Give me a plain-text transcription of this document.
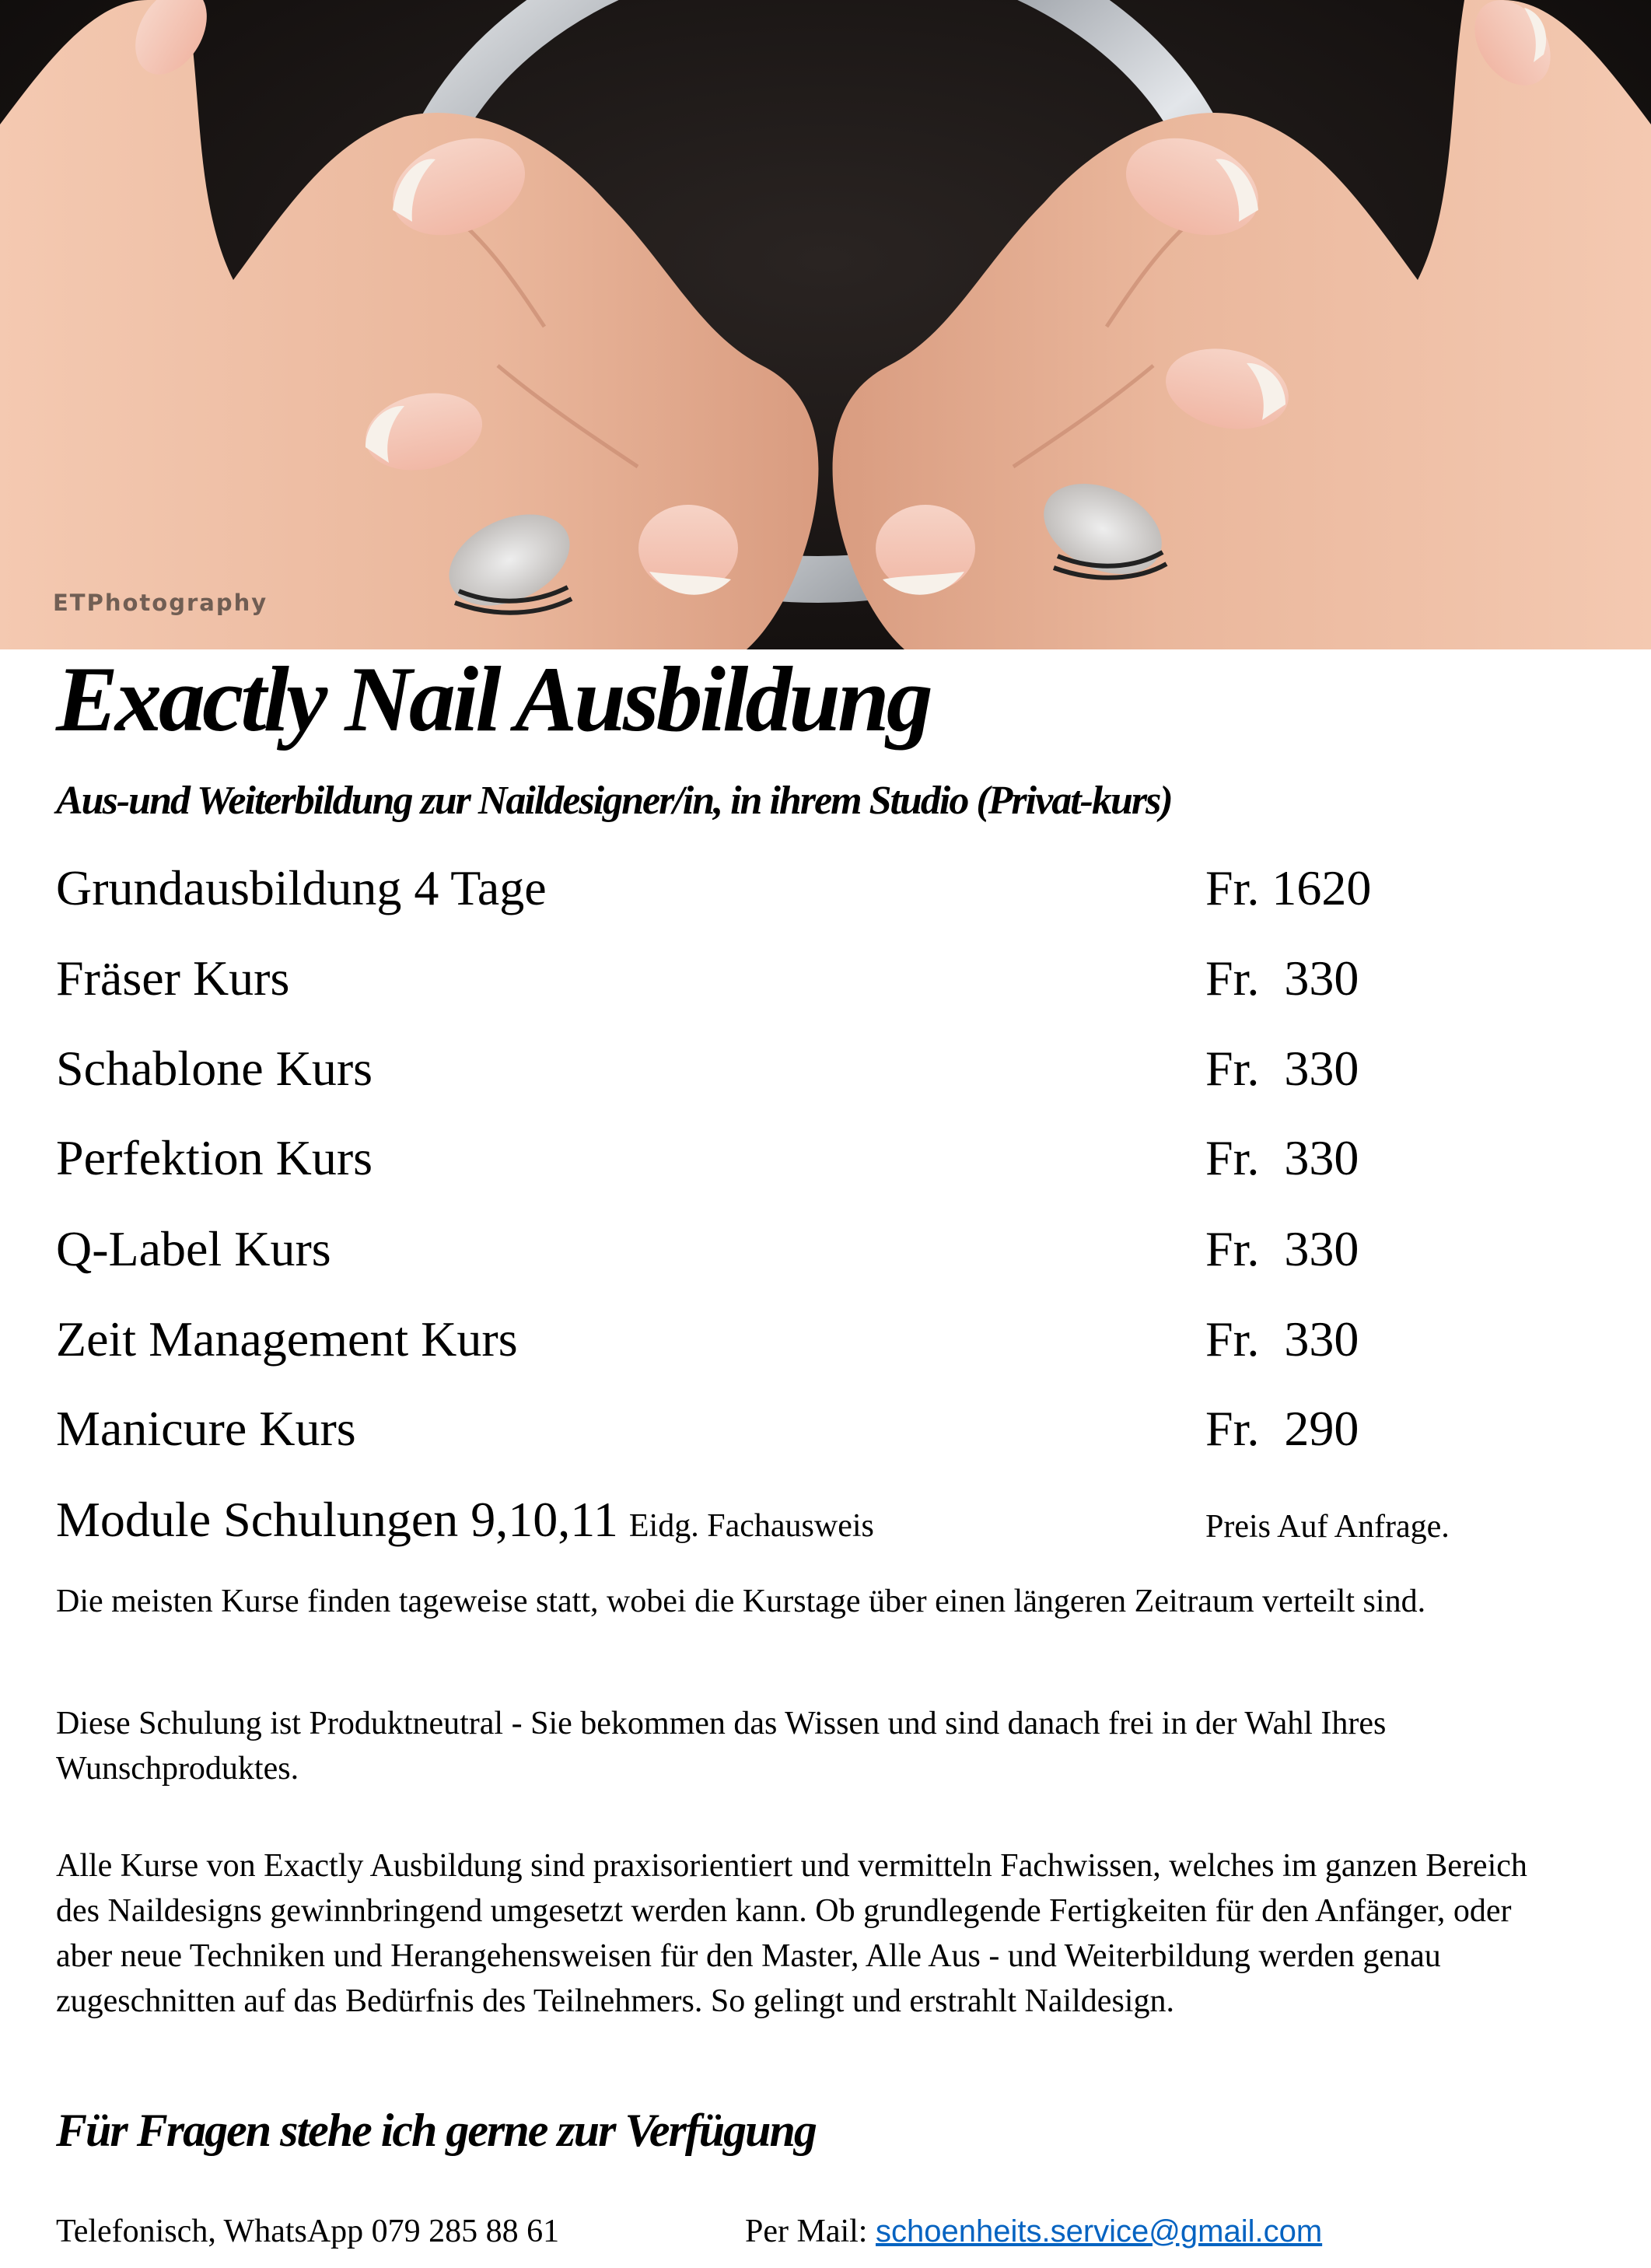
ETPhotography
Exactly Nail Ausbildung
Aus-und Weiterbildung zur Naildesigner/in, in ihrem Studio (Privat-kurs)
Grundausbildung 4 Tage	Fr. 1620
Fräser Kurs	Fr.  330
Schablone Kurs	Fr.  330
Perfektion Kurs	Fr.  330
Q-Label Kurs	Fr.  330
Zeit Management Kurs	Fr.  330
Manicure Kurs	Fr.  290
Module Schulungen 9,10,11 Eidg. Fachausweis	Preis Auf Anfrage.

Die meisten Kurse finden tageweise statt, wobei die Kurstage über einen längeren Zeitraum verteilt sind.

Diese Schulung ist Produktneutral - Sie bekommen das Wissen und sind danach frei in der Wahl Ihres Wunschproduktes.

Alle Kurse von Exactly Ausbildung sind praxisorientiert und vermitteln Fachwissen, welches im ganzen Bereich des Naildesigns gewinnbringend umgesetzt werden kann. Ob grundlegende Fertigkeiten für den Anfänger, oder aber neue Techniken und Herangehensweisen für den Master, Alle Aus - und Weiterbildung werden genau zugeschnitten auf das Bedürfnis des Teilnehmers. So gelingt und erstrahlt Naildesign.

Für Fragen stehe ich gerne zur Verfügung
Telefonisch, WhatsApp 079 285 88 61	Per Mail: schoenheits.service@gmail.com
